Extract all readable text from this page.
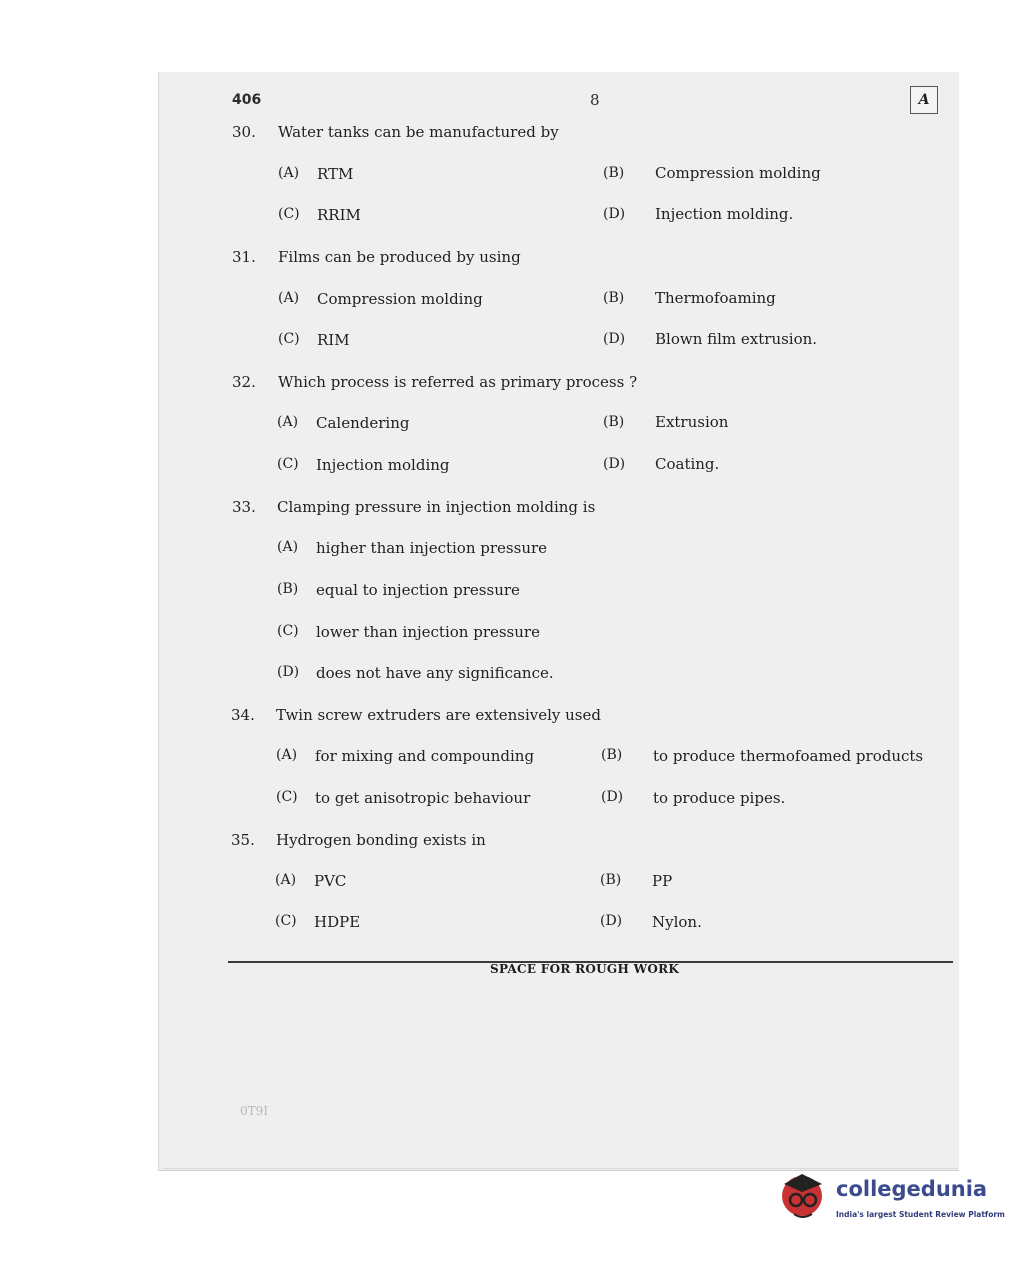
406	8	A
30. Water tanks can be manufactured by
(A) RTM	(B) Compression molding
(C) RRIM	(D) Injection molding.
31. Films can be produced by using
(A) Compression molding	(B) Thermofoaming
(C) RIM	(D) Blown film extrusion.
32. Which process is referred as primary process ?
(A) Calendering	(B) Extrusion
(C) Injection molding	(D) Coating.
33. Clamping pressure in injection molding is
(A) higher than injection pressure
(B) equal to injection pressure
(C) lower than injection pressure
(D) does not have any significance.
34. Twin screw extruders are extensively used
(A) for mixing and compounding	(B) to produce thermofoamed products
(C) to get anisotropic behaviour	(D) to produce pipes.
35. Hydrogen bonding exists in
(A) PVC	(B) PP
(C) HDPE	(D) Nylon.
SPACE FOR ROUGH WORK
0T9I
collegedunia
India's largest Student Review Platform
